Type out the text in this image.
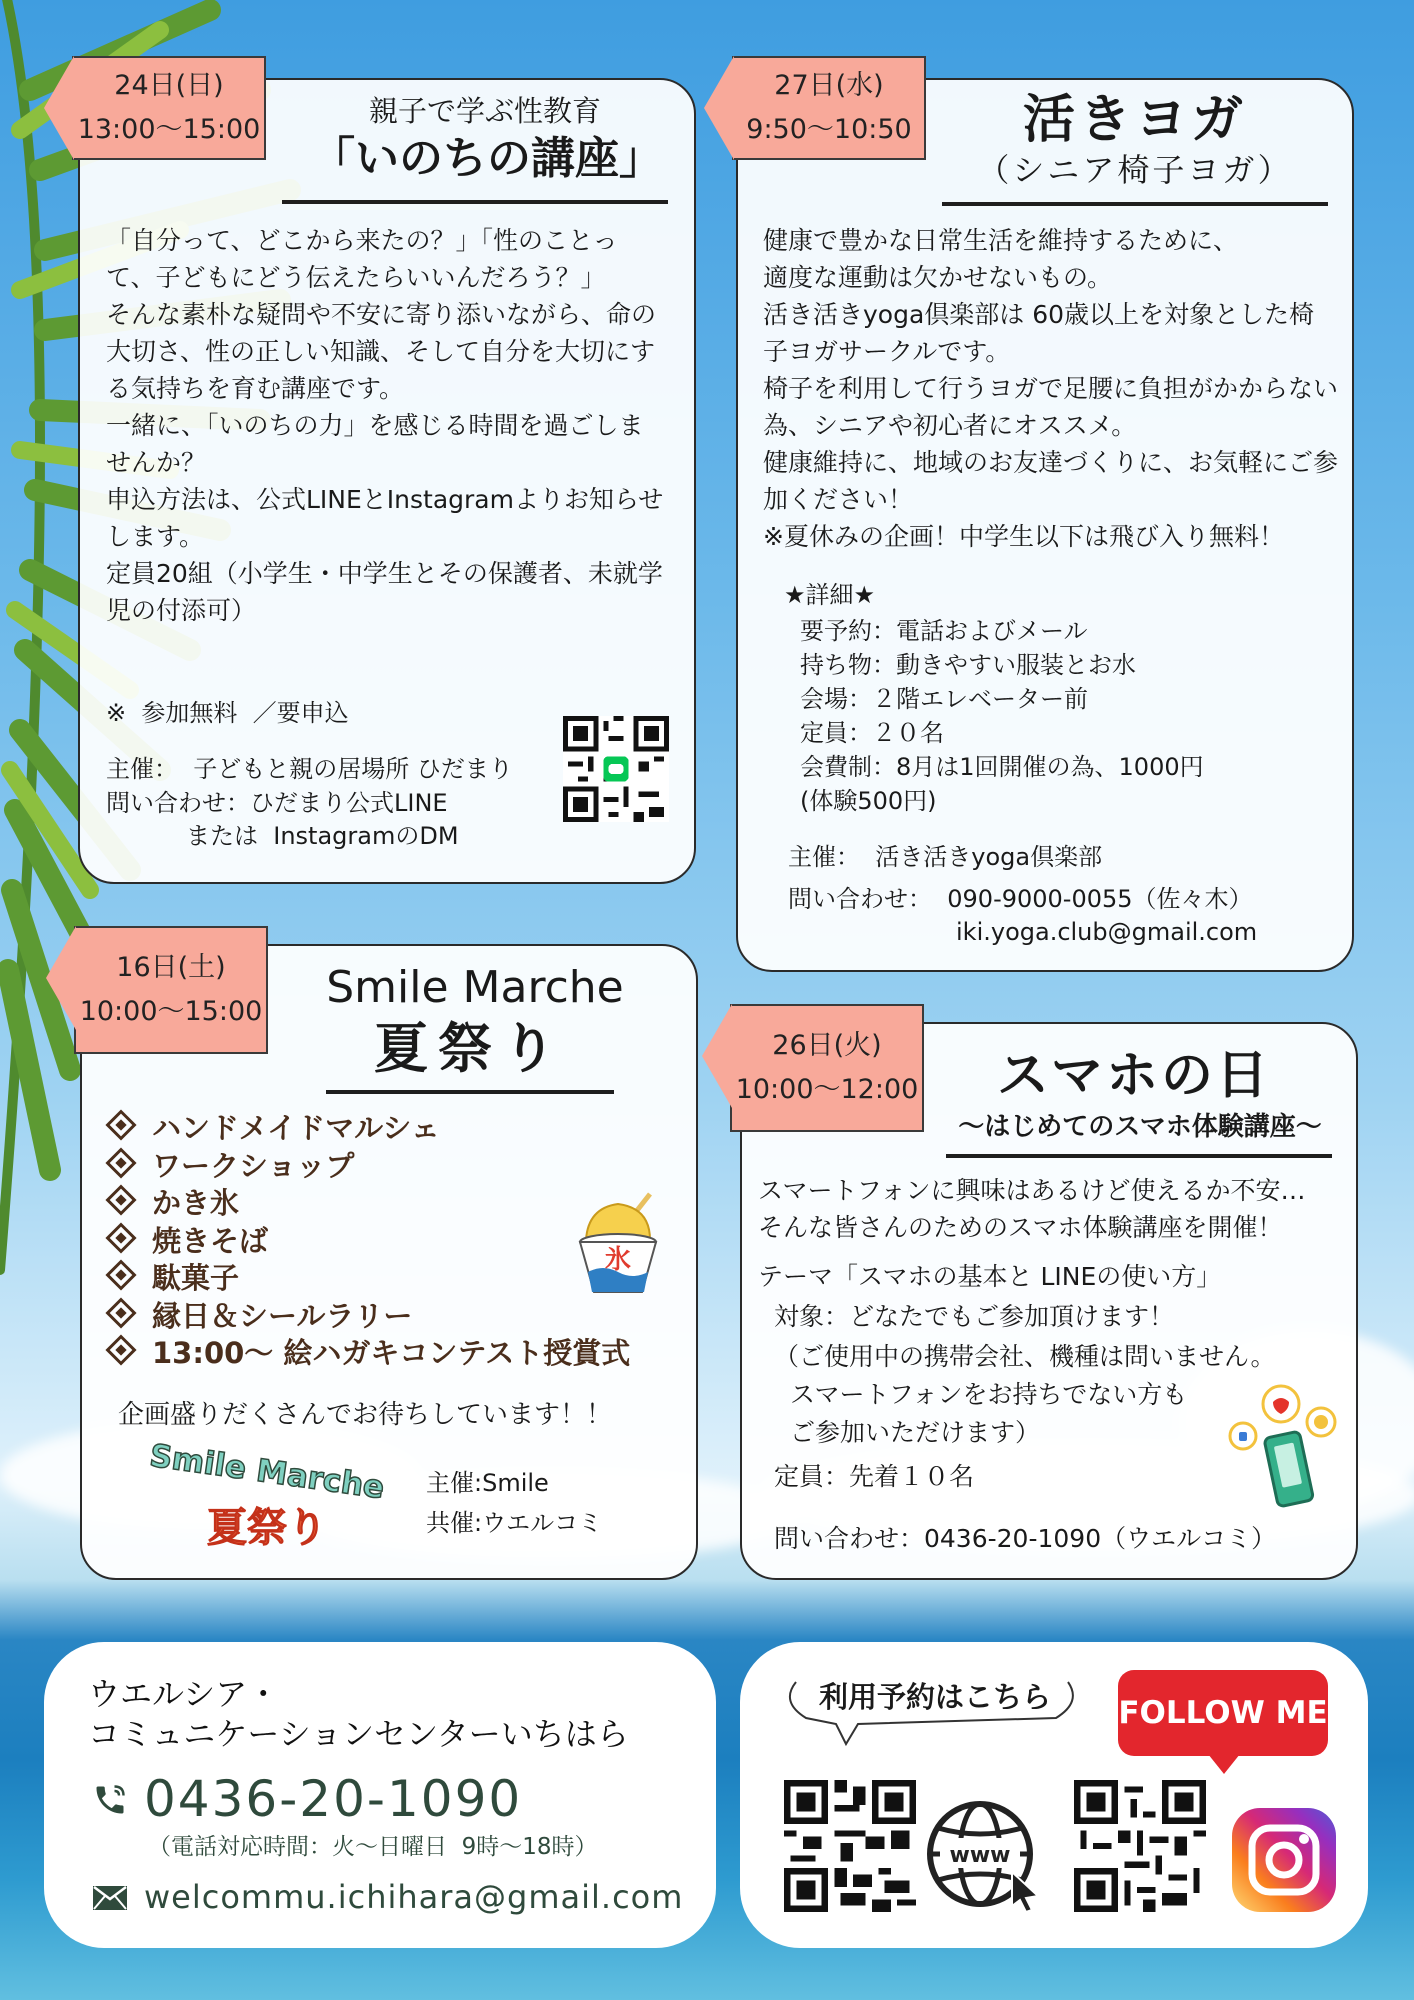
24日(日)
13:00〜15:00
親子で学ぶ性教育
「いのちの講座」
「自分って、どこから来たの？」「性のことって、子どもにどう伝えたらいいんだろう？」
そんな素朴な疑問や不安に寄り添いながら、命の大切さ、性の正しい知識、そして自分を大切にする気持ちを育む講座です。
一緒に、「いのちの力」を感じる時間を過ごしませんか？
申込方法は、公式LINEとInstagramよりお知らせします。
定員20組（小学生・中学生とその保護者、未就学児の付添可）
※  参加無料  ／要申込
主催：  子どもと親の居場所 ひだまり
問い合わせ：ひだまり公式LINE
または  InstagramのDM
27日(水)
9:50〜10:50	活きヨガ
（シニア椅子ヨガ）
健康で豊かな日常生活を維持するために、
適度な運動は欠かせないもの。
活き活きyoga倶楽部は 60歳以上を対象とした椅子ヨガサークルです。
椅子を利用して行うヨガで足腰に負担がかからない為、シニアや初心者にオススメ。
健康維持に、地域のお友達づくりに、お気軽にご参加ください！
※夏休みの企画！中学生以下は飛び入り無料！
★詳細★
要予約：電話およびメール
持ち物：動きやすい服装とお水
会場：２階エレベーター前
定員：２０名
会費制：8月は1回開催の為、1000円
(体験500円)
主催：  活き活きyoga倶楽部
問い合わせ：  090-9000-0055（佐々木）
iki.yoga.club@gmail.com
16日(土)
10:00〜15:00	Smile Marche
夏祭り
ハンドメイドマルシェ
ワークショップ
かき氷
焼きそば
駄菓子
縁日＆シールラリー
13:00〜 絵ハガキコンテスト授賞式
氷
企画盛りだくさんでお待ちしています！！
Smile Marche
夏祭り
主催:Smile
共催:ウエルコミ
26日(火)
10:00〜12:00	スマホの日
〜はじめてのスマホ体験講座〜
スマートフォンに興味はあるけど使えるか不安…
そんな皆さんのためのスマホ体験講座を開催！
テーマ「スマホの基本と LINEの使い方」
対象：どなたでもご参加頂けます！
（ご使用中の携帯会社、機種は問いません。
スマートフォンをお持ちでない方も
ご参加いただけます）
定員：先着１０名
問い合わせ：0436-20-1090（ウエルコミ）
ウエルシア・
コミュニケーションセンターいちはら
0436-20-1090
（電話対応時間：火〜日曜日  9時〜18時）
welcommu.ichihara@gmail.com
利用予約はこちら	FOLLOW ME
www
